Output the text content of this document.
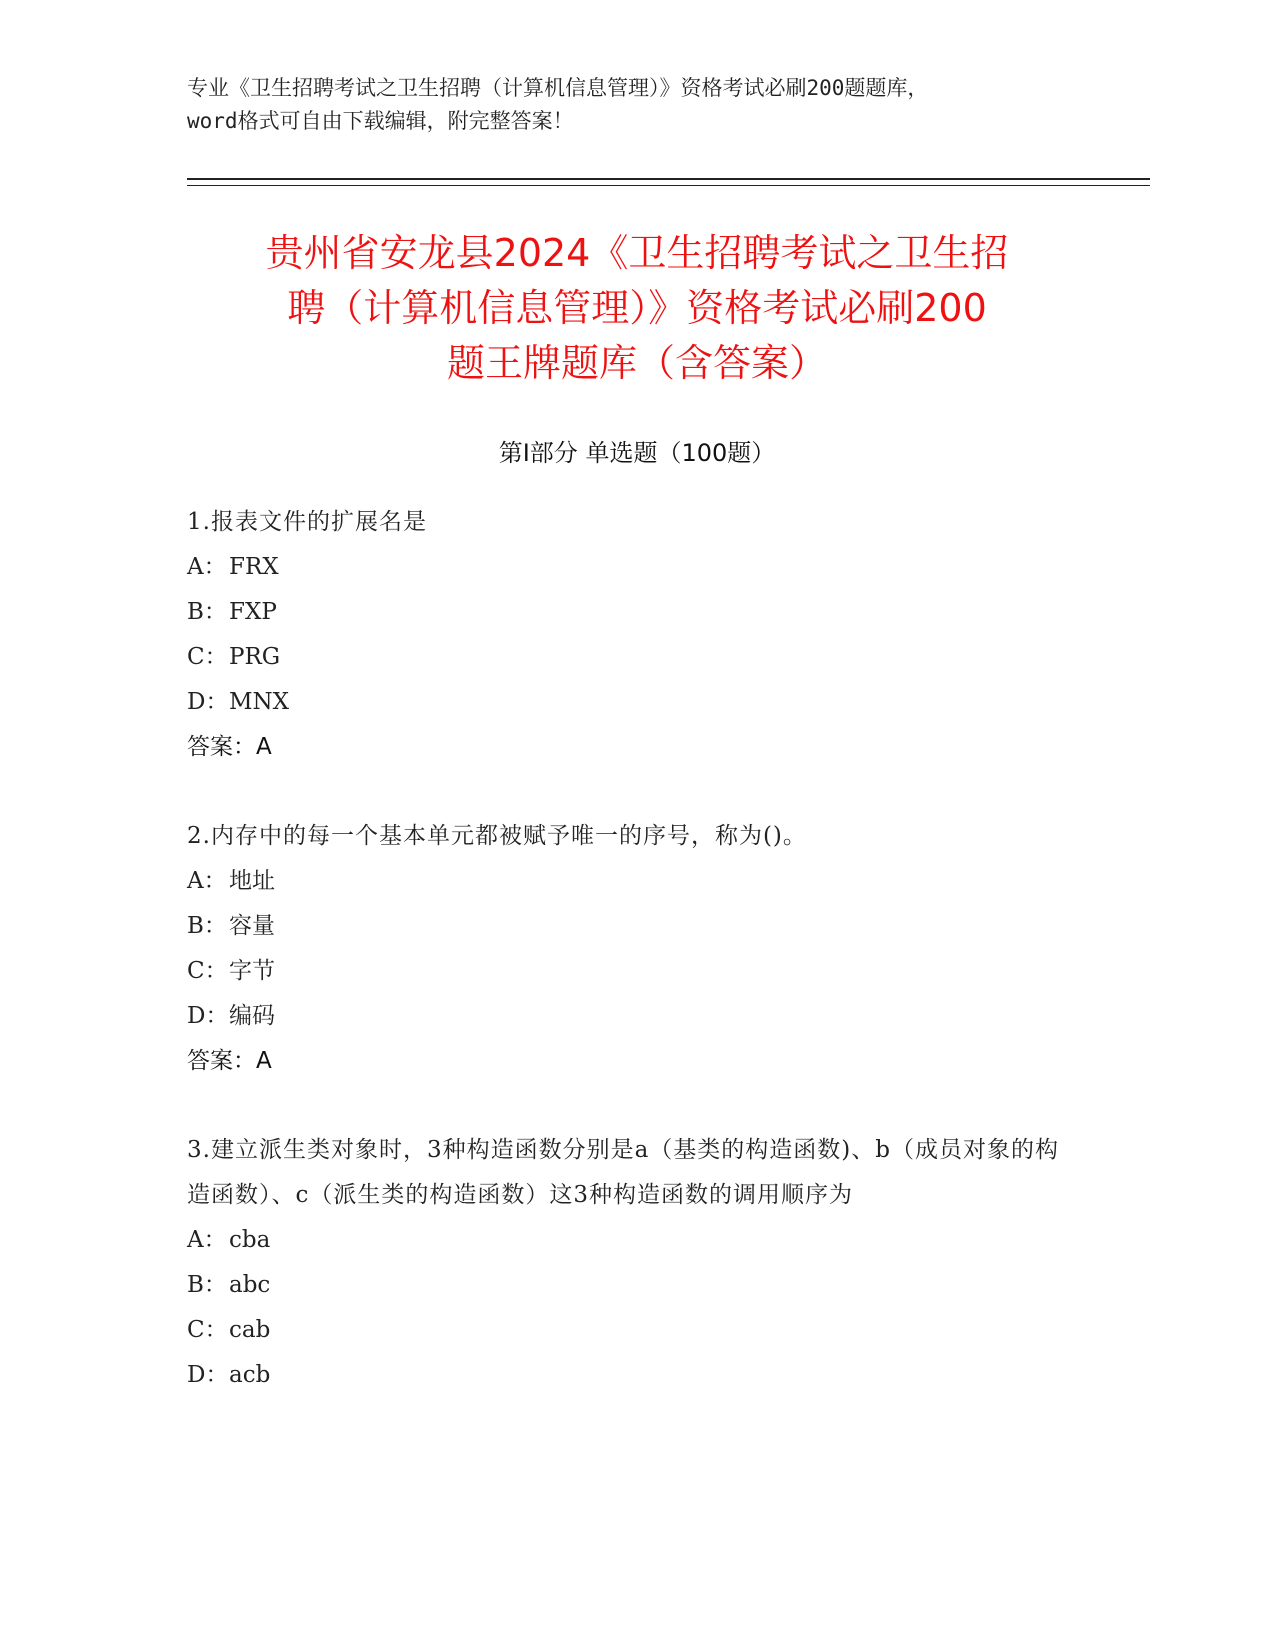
专业《卫生招聘考试之卫生招聘（计算机信息管理）》资格考试必刷200题题库，
word格式可自由下载编辑，附完整答案！
贵州省安龙县2024《卫生招聘考试之卫生招
聘（计算机信息管理）》资格考试必刷200
题王牌题库（含答案）
第Ⅰ部分 单选题（100题）
1.报表文件的扩展名是
A： FRX
B：FXP
C：PRG
D：MNX
答案：A
2.内存中的每一个基本单元都被赋予唯一的序号，称为()。
A： 地址
B：容量
C：字节
D：编码
答案：A
3.建立派生类对象时，3种构造函数分别是a（基类的构造函数)、b（成员对象的构造函数）、c（派生类的构造函数）这3种构造函数的调用顺序为
A： cba
B：abc
C：cab
D：acb
